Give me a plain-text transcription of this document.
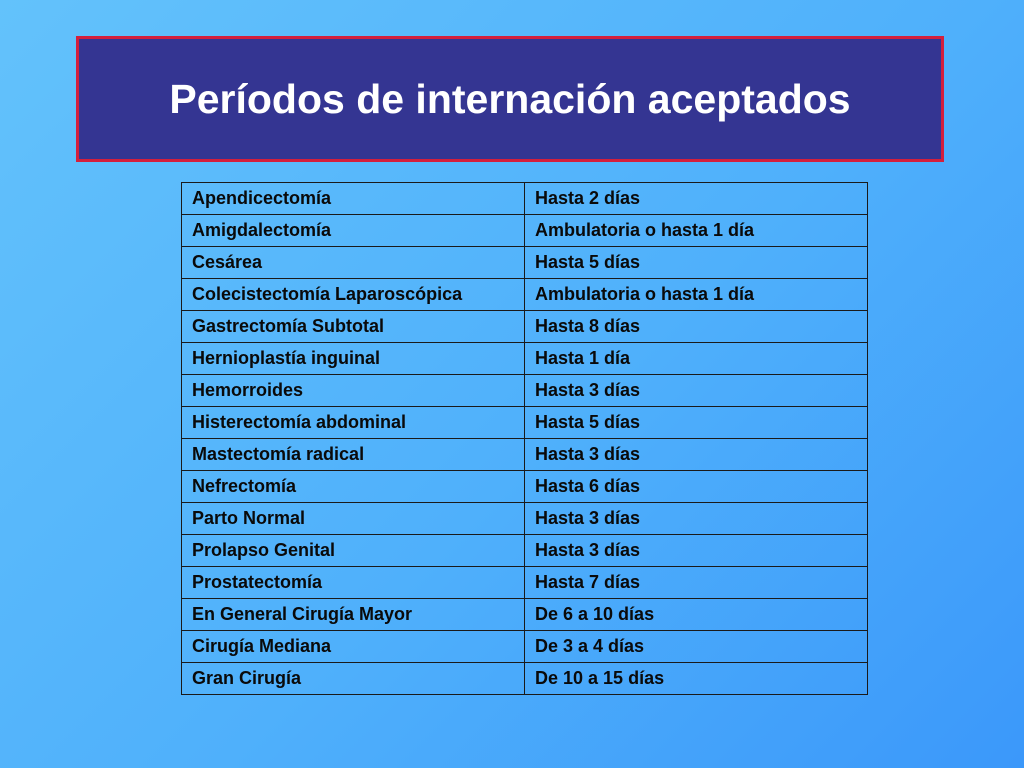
Períodos de internación aceptados
Apendicectomía	Hasta 2 días
Amigdalectomía	Ambulatoria o hasta 1 día
Cesárea	Hasta 5 días
Colecistectomía Laparoscópica	Ambulatoria o hasta 1 día
Gastrectomía Subtotal	Hasta 8 días
Hernioplastía inguinal	Hasta 1 día
Hemorroides	Hasta 3 días
Histerectomía abdominal	Hasta 5 días
Mastectomía radical	Hasta 3 días
Nefrectomía	Hasta 6 días
Parto Normal	Hasta 3 días
Prolapso Genital	Hasta 3 días
Prostatectomía	Hasta 7 días
En General Cirugía Mayor	De 6 a 10 días
Cirugía Mediana	De 3 a 4 días
Gran Cirugía	De 10 a 15 días
